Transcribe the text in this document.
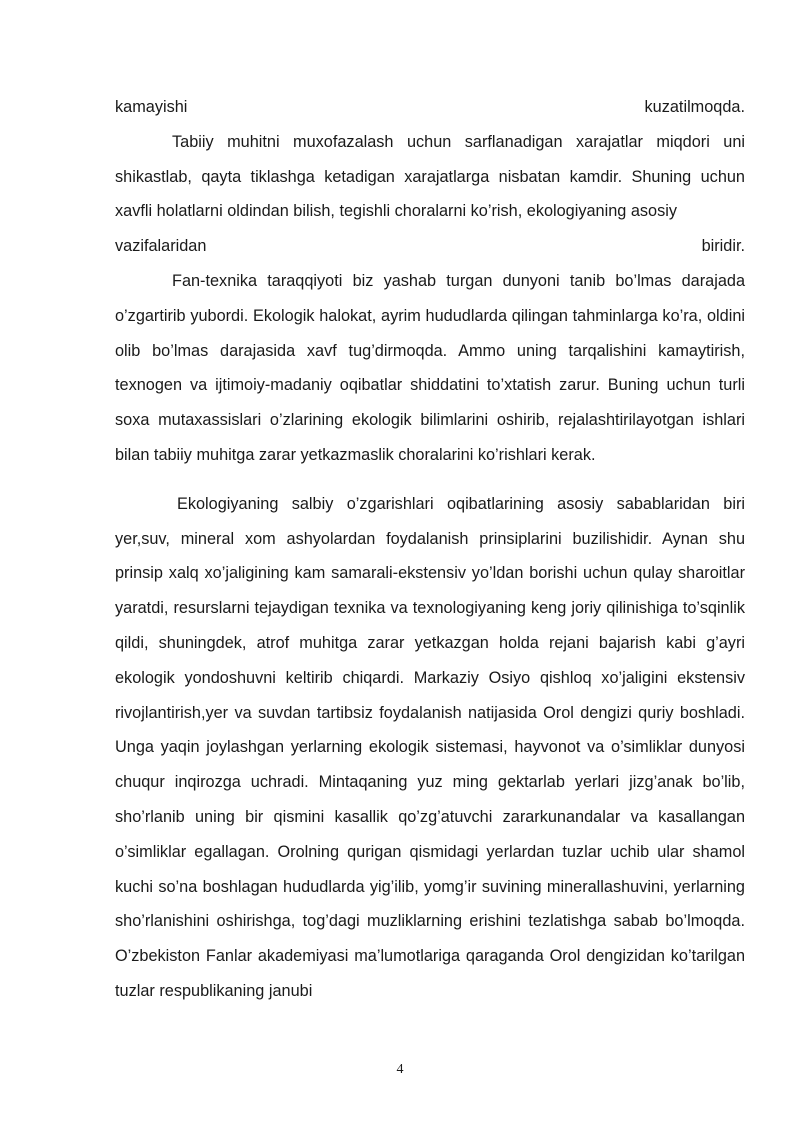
kamayishi	kuzatilmoqda.

Tabiiy muhitni muxofazalash uchun sarflanadigan xarajatlar miqdori uni shikastlab, qayta tiklashga ketadigan xarajatlarga nisbatan kamdir. Shuning uchun xavfli holatlarni oldindan bilish, tegishli choralarni ko’rish, ekologiyaning asosiy

vazifalaridan	biridir.

Fan-texnika taraqqiyoti biz yashab turgan dunyoni tanib bo’lmas darajada o’zgartirib yubordi. Ekologik halokat, ayrim hududlarda qilingan tahminlarga ko’ra, oldini olib bo’lmas darajasida xavf tug’dirmoqda. Ammo uning tarqalishini kamaytirish, texnogen va ijtimoiy-madaniy oqibatlar shiddatini to’xtatish zarur. Buning uchun turli soxa mutaxassislari o’zlarining ekologik bilimlarini oshirib, rejalashtirilayotgan ishlari bilan tabiiy muhitga zarar yetkazmaslik choralarini ko’rishlari kerak.

Ekologiyaning salbiy o’zgarishlari oqibatlarining asosiy sabablaridan biri yer,suv, mineral xom ashyolardan foydalanish prinsiplarini buzilishidir. Aynan shu prinsip xalq xo’jaligining kam samarali-ekstensiv yo’ldan borishi uchun qulay sharoitlar yaratdi, resurslarni tejaydigan texnika va texnologiyaning keng joriy qilinishiga to’sqinlik qildi, shuningdek, atrof muhitga zarar yetkazgan holda rejani bajarish kabi g’ayri ekologik yondoshuvni keltirib chiqardi. Markaziy Osiyo qishloq xo’jaligini ekstensiv rivojlantirish,yer va suvdan tartibsiz foydalanish natijasida Orol dengizi quriy boshladi. Unga yaqin joylashgan yerlarning ekologik sistemasi, hayvonot va o’simliklar dunyosi chuqur inqirozga uchradi. Mintaqaning yuz ming gektarlab yerlari jizg’anak bo’lib, sho’rlanib uning bir qismini kasallik qo’zg’atuvchi zararkunandalar va kasallangan o’simliklar egallagan. Orolning qurigan qismidagi yerlardan tuzlar uchib ular shamol kuchi so’na boshlagan hududlarda yig’ilib, yomg’ir suvining minerallashuvini, yerlarning sho’rlanishini oshirishga, tog’dagi muzliklarning erishini tezlatishga sabab bo’lmoqda. O’zbekiston Fanlar akademiyasi ma’lumotlariga qaraganda Orol dengizidan ko’tarilgan tuzlar respublikaning janubi

4
